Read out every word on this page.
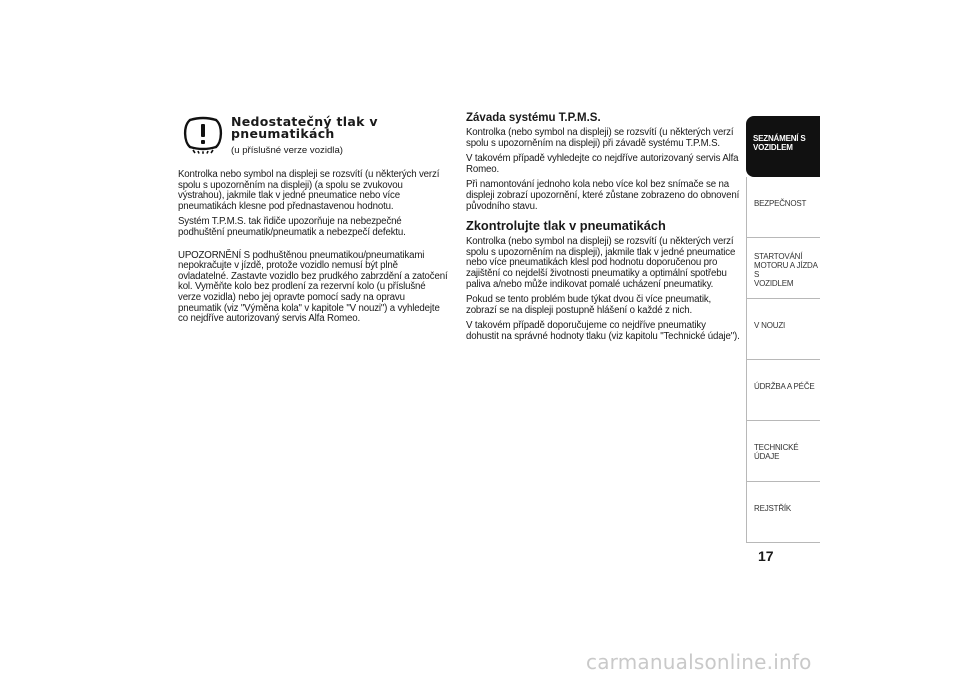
Nedostatečný tlak v

pneumatikách

(u příslušné verze vozidla)

Kontrolka nebo symbol na displeji se rozsvítí (u některých verzí spolu s upozorněním na displeji) (a spolu se zvukovou výstrahou), jakmile tlak v jedné pneumatice nebo více pneumatikách klesne pod přednastavenou hodnotu.

Systém T.P.M.S. tak řidiče upozorňuje na nebezpečné podhuštění pneumatik/pneumatik a nebezpečí defektu.

UPOZORNĚNÍ S podhuštěnou pneumatikou/pneumatikami nepokračujte v jízdě, protože vozidlo nemusí být plně ovladatelné. Zastavte vozidlo bez prudkého zabrzdění a zatočení kol. Vyměňte kolo bez prodlení za rezervní kolo (u příslušné verze vozidla) nebo jej opravte pomocí sady na opravu pneumatik (viz "Výměna kola" v kapitole "V nouzi") a vyhledejte co nejdříve autorizovaný servis Alfa Romeo.

Závada systému T.P.M.S.

Kontrolka (nebo symbol na displeji) se rozsvítí (u některých verzí spolu s upozorněním na displeji) při závadě systému T.P.M.S.

V takovém případě vyhledejte co nejdříve autorizovaný servis Alfa Romeo.

Při namontování jednoho kola nebo více kol bez snímače se na displeji zobrazí upozornění, které zůstane zobrazeno do obnovení původního stavu.

Zkontrolujte tlak v pneumatikách

Kontrolka (nebo symbol na displeji) se rozsvítí (u některých verzí spolu s upozorněním na displeji), jakmile tlak v jedné pneumatice nebo více pneumatikách klesl pod hodnotu doporučenou pro zajištění co nejdelší životnosti pneumatiky a optimální spotřebu paliva a/nebo může indikovat pomalé ucházení pneumatiky.

Pokud se tento problém bude týkat dvou či více pneumatik, zobrazí se na displeji postupně hlášení o každé z nich.

V takovém případě doporučujeme co nejdříve pneumatiky dohustit na správné hodnoty tlaku (viz kapitolu "Technické údaje").

SEZNÁMENÍ S
VOZIDLEM
BEZPEČNOST
STARTOVÁNÍ
MOTORU A JÍZDA S
VOZIDLEM
V NOUZI
ÚDRŽBA A PÉČE
TECHNICKÉ ÚDAJE
REJSTŘÍK
17
carmanualsonline.info
